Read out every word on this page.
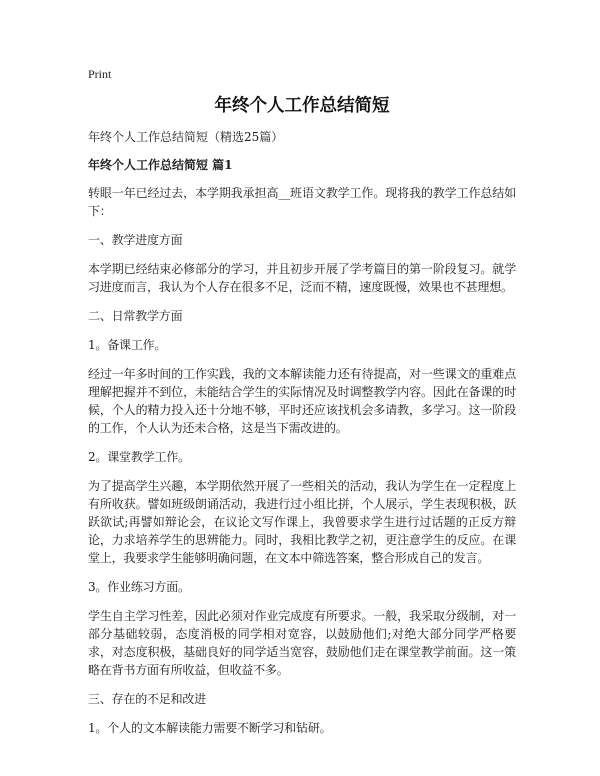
Print
年终个人工作总结简短
年终个人工作总结简短（精选25篇）
年终个人工作总结简短 篇1

转眼一年已经过去，本学期我承担高__班语文教学工作。现将我的教学工作总结如下：

一、教学进度方面

本学期已经结束必修部分的学习，并且初步开展了学考篇目的第一阶段复习。就学习进度而言，我认为个人存在很多不足，泛而不精，速度既慢，效果也不甚理想。

二、日常教学方面

1。备课工作。

经过一年多时间的工作实践，我的文本解读能力还有待提高，对一些课文的重难点理解把握并不到位，未能结合学生的实际情况及时调整教学内容。因此在备课的时候，个人的精力投入还十分地不够，平时还应该找机会多请教，多学习。这一阶段的工作，个人认为还未合格，这是当下需改进的。

2。课堂教学工作。

为了提高学生兴趣，本学期依然开展了一些相关的活动，我认为学生在一定程度上有所收获。譬如班级朗诵活动，我进行过小组比拼，个人展示，学生表现积极，跃跃欲试;再譬如辩论会，在议论文写作课上，我曾要求学生进行过话题的正反方辩论，力求培养学生的思辨能力。同时，我相比教学之初，更注意学生的反应。在课堂上，我要求学生能够明确问题，在文本中筛选答案，整合形成自己的发言。

3。作业练习方面。

学生自主学习性差，因此必须对作业完成度有所要求。一般，我采取分级制，对一部分基础较弱，态度消极的同学相对宽容，以鼓励他们;对绝大部分同学严格要求，对态度积极，基础良好的同学适当宽容，鼓励他们走在课堂教学前面。这一策略在背书方面有所收益，但收益不多。

三、存在的不足和改进

1。个人的文本解读能力需要不断学习和钻研。
